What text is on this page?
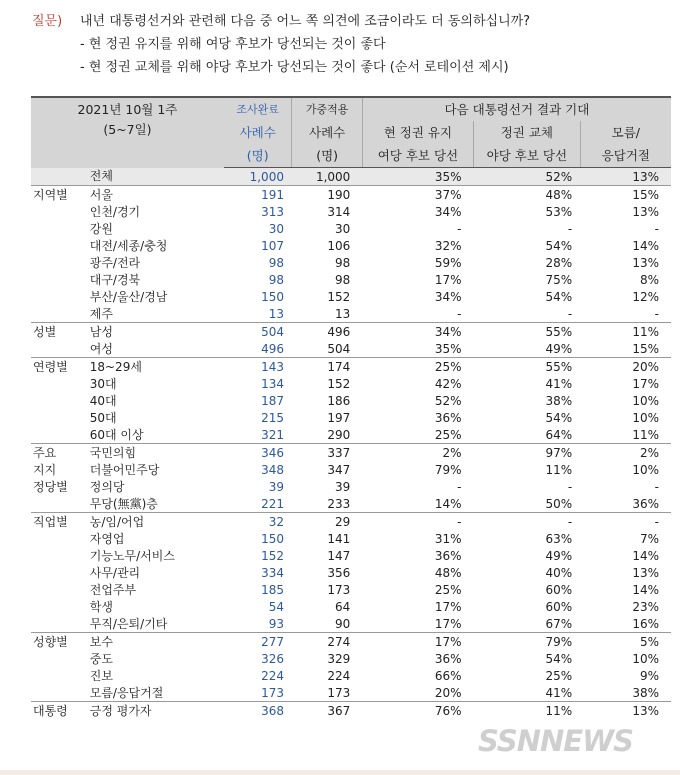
질문) 내년 대통령선거와 관련해 다음 중 어느 쪽 의견에 조금이라도 더 동의하십니까?
- 현 정권 유지를 위해 여당 후보가 당선되는 것이 좋다
- 현 정권 교체를 위해 야당 후보가 당선되는 것이 좋다 (순서 로테이션 제시)
2021년 10월 1주
(5~7일)		조사완료	가중적용	다음 대통령선거 결과 기대		
		사례수	사례수	현 정권 유지	정권 교체	모름/
		(명)	(명)	여당 후보 당선	야당 후보 당선	응답거절
	전체	1,000	1,000	35%	52%	13%
지역별	서울	191	190	37%	48%	15%
	인천/경기	313	314	34%	53%	13%
	강원	30	30	-	-	-
	대전/세종/충청	107	106	32%	54%	14%
	광주/전라	98	98	59%	28%	13%
	대구/경북	98	98	17%	75%	8%
	부산/울산/경남	150	152	34%	54%	12%
	제주	13	13	-	-	-
성별	남성	504	496	34%	55%	11%
	여성	496	504	35%	49%	15%
연령별	18~29세	143	174	25%	55%	20%
	30대	134	152	42%	41%	17%
	40대	187	186	52%	38%	10%
	50대	215	197	36%	54%	10%
	60대 이상	321	290	25%	64%	11%
주요	국민의힘	346	337	2%	97%	2%
지지	더불어민주당	348	347	79%	11%	10%
정당별	정의당	39	39	-	-	-
	무당(無黨)층	221	233	14%	50%	36%
직업별	농/임/어업	32	29	-	-	-
	자영업	150	141	31%	63%	7%
	기능노무/서비스	152	147	36%	49%	14%
	사무/관리	334	356	48%	40%	13%
	전업주부	185	173	25%	60%	14%
	학생	54	64	17%	60%	23%
	무직/은퇴/기타	93	90	17%	67%	16%
성향별	보수	277	274	17%	79%	5%
	중도	326	329	36%	54%	10%
	진보	224	224	66%	25%	9%
	모름/응답거절	173	173	20%	41%	38%
대통령	긍정 평가자	368	367	76%	11%	13%
SSNNEWS
